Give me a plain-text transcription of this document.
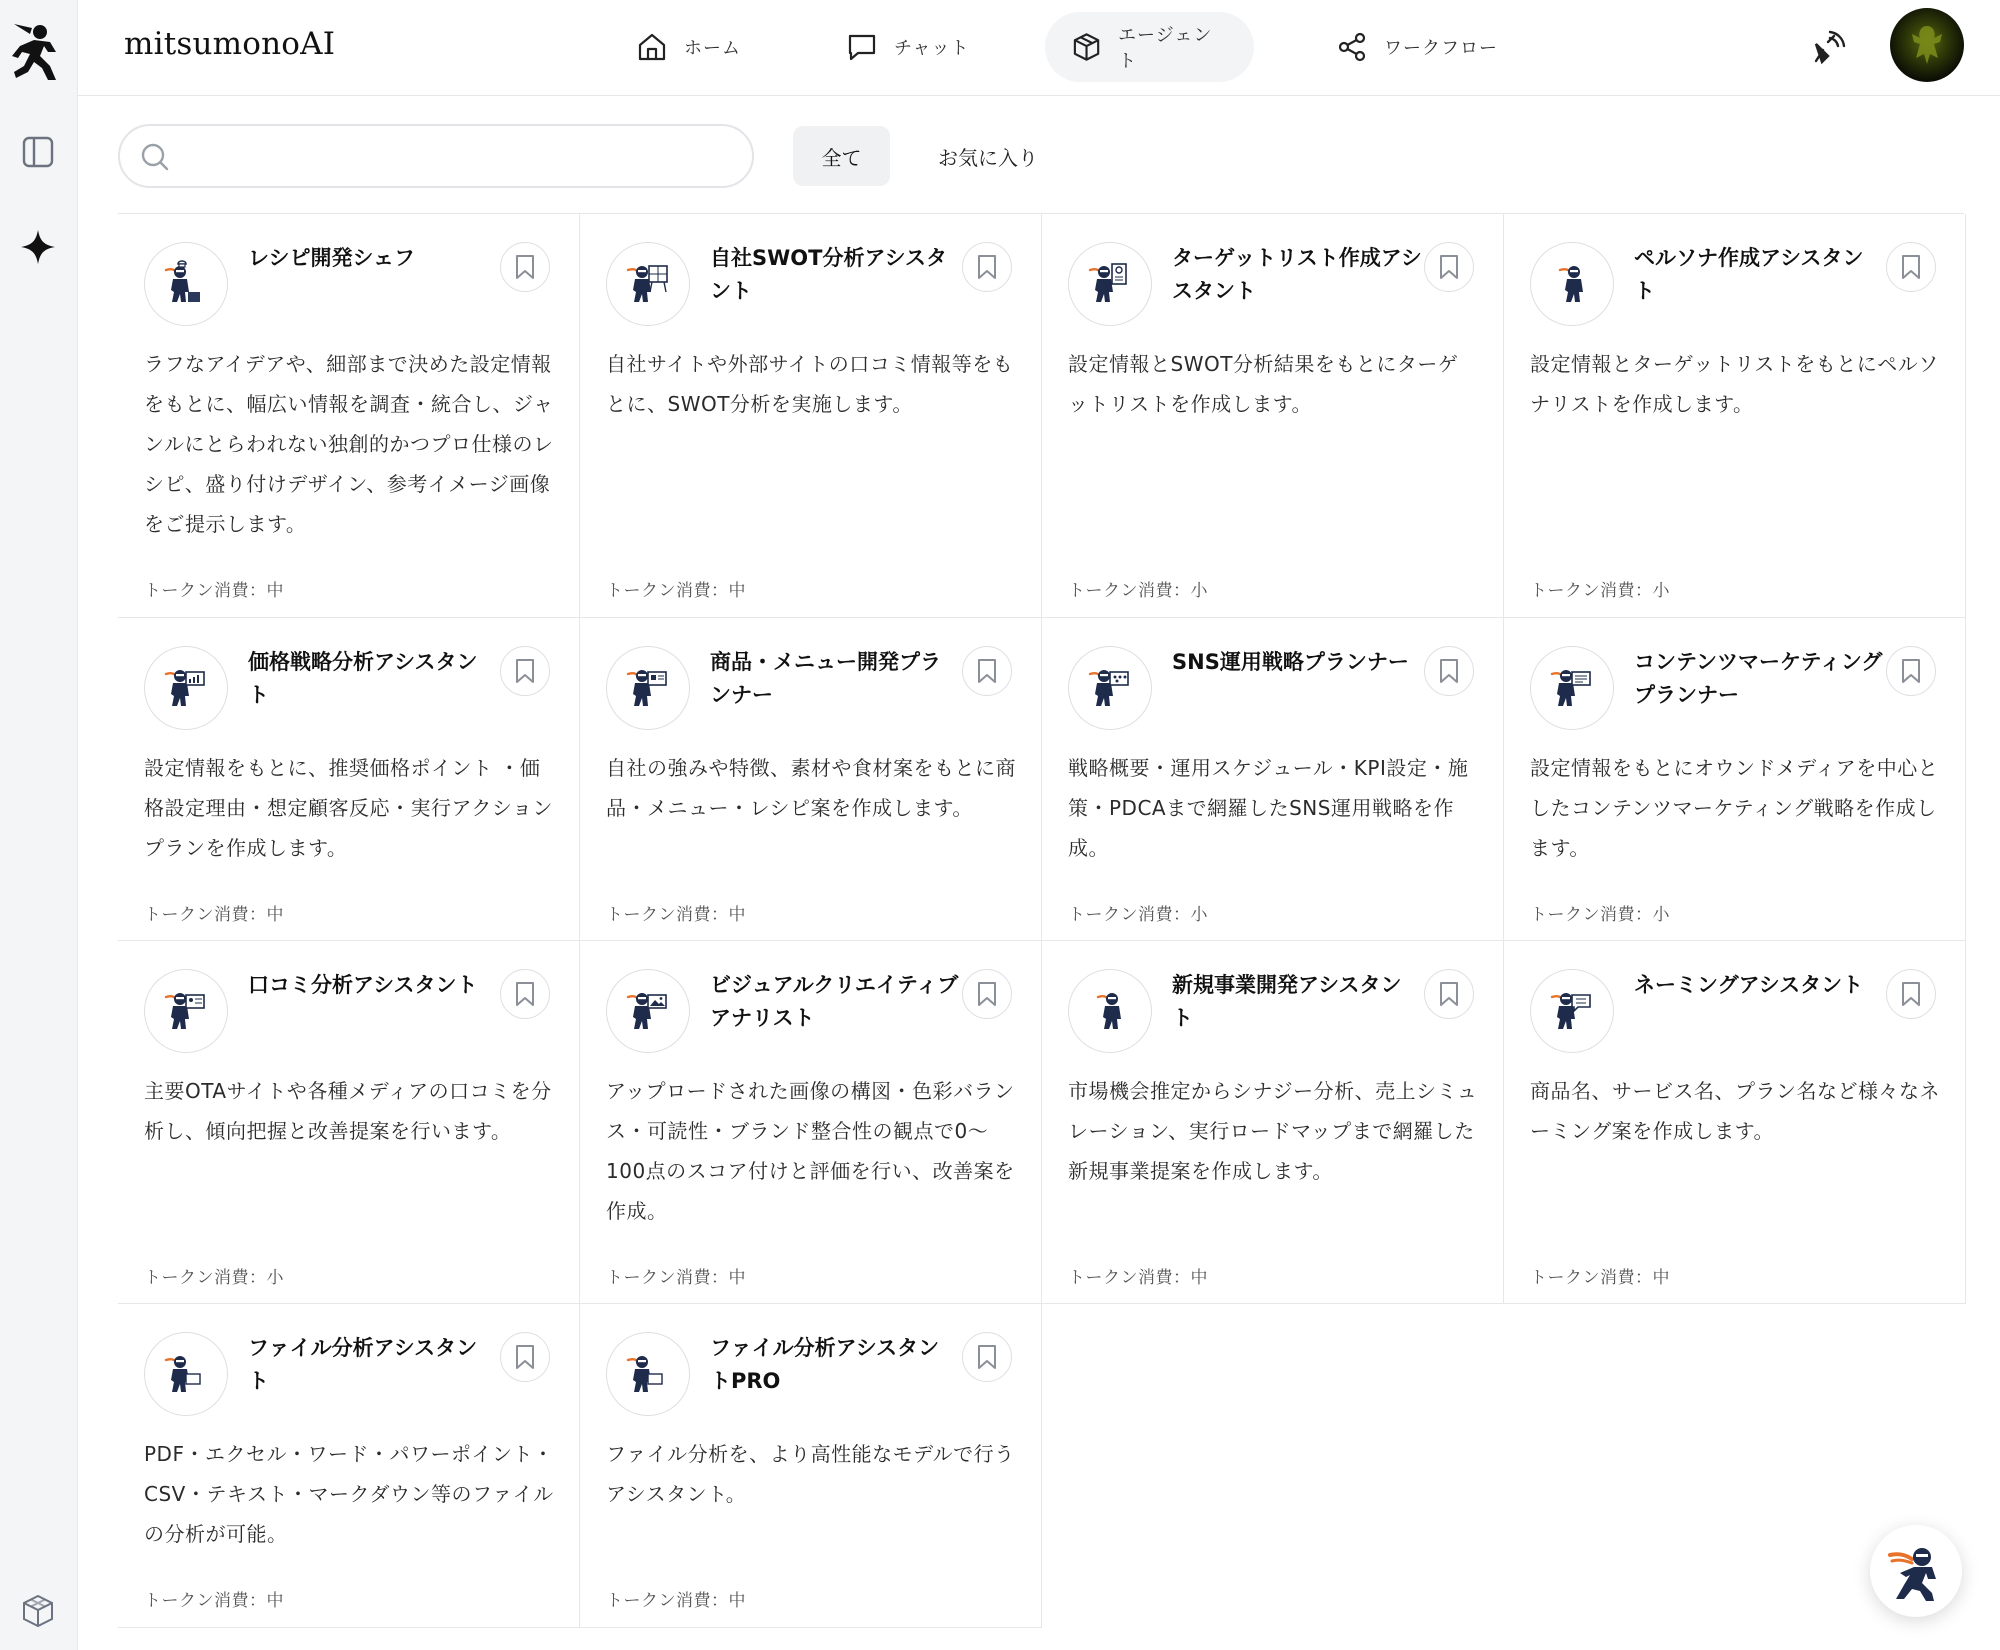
mitsumonoAI	ホーム	チャット
エージェント
ワークフロー
全て	お気に入り
レシピ開発シェフ
ラフなアイデアや、細部まで決めた設定情報をもとに、幅広い情報を調査・統合し、ジャンルにとらわれない独創的かつプロ仕様のレシピ、盛り付けデザイン、参考イメージ画像をご提示します。
トークン消費：中
自社SWOT分析アシスタント
自社サイトや外部サイトの口コミ情報等をもとに、SWOT分析を実施します。
トークン消費：中
ターゲットリスト作成アシスタント
設定情報とSWOT分析結果をもとにターゲットリストを作成します。
トークン消費：小
ペルソナ作成アシスタント
設定情報とターゲットリストをもとにペルソナリストを作成します。
トークン消費：小
価格戦略分析アシスタント
設定情報をもとに、推奨価格ポイント ・価格設定理由・想定顧客反応・実行アクションプランを作成します。
トークン消費：中
商品・メニュー開発プランナー
自社の強みや特徴、素材や食材案をもとに商品・メニュー・レシピ案を作成します。
トークン消費：中
SNS運用戦略プランナー
戦略概要・運用スケジュール・KPI設定・施策・PDCAまで網羅したSNS運用戦略を作成。
トークン消費：小
コンテンツマーケティングプランナー
設定情報をもとにオウンドメディアを中心としたコンテンツマーケティング戦略を作成します。
トークン消費：小
口コミ分析アシスタント
主要OTAサイトや各種メディアの口コミを分析し、傾向把握と改善提案を行います。
トークン消費：小
ビジュアルクリエイティブアナリスト
アップロードされた画像の構図・色彩バランス・可読性・ブランド整合性の観点で0〜100点のスコア付けと評価を行い、改善案を作成。
トークン消費：中
新規事業開発アシスタント
市場機会推定からシナジー分析、売上シミュレーション、実行ロードマップまで網羅した新規事業提案を作成します。
トークン消費：中
ネーミングアシスタント
商品名、サービス名、プラン名など様々なネーミング案を作成します。
トークン消費：中
ファイル分析アシスタント
PDF・エクセル・ワード・パワーポイント・CSV・テキスト・マークダウン等のファイルの分析が可能。
トークン消費：中
ファイル分析アシスタントPRO
ファイル分析を、より高性能なモデルで行うアシスタント。
トークン消費：中
